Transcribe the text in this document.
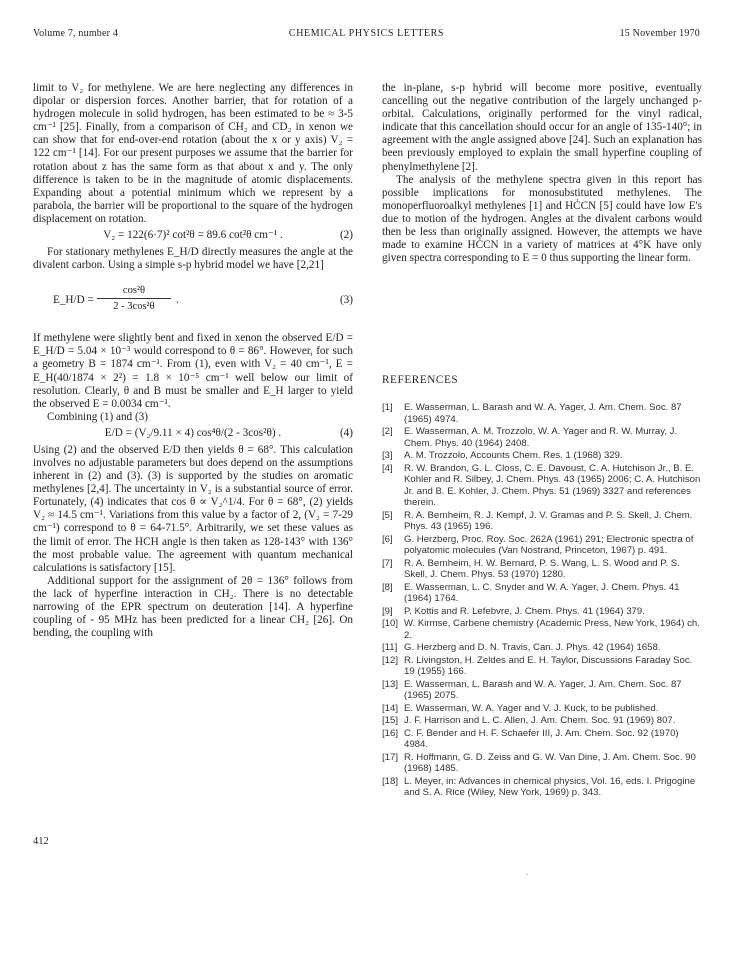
Volume 7, number 4	CHEMICAL PHYSICS LETTERS	15 November 1970

limit to V₂ for methylene. We are here neglecting any differences in dipolar or dispersion forces. Another barrier, that for rotation of a hydrogen molecule in solid hydrogen, has been estimated to be ≈ 3-5 cm⁻¹ [25]. Finally, from a comparison of CH₂ and CD₂ in xenon we can show that for end-over-end rotation (about the x or y axis) V₂ = 122 cm⁻¹ [14]. For our present purposes we assume that the barrier for rotation about z has the same form as that about x and y. The only difference is taken to be in the magnitude of atomic displacements. Expanding about a potential minimum which we represent by a parabola, the barrier will be proportional to the square of the hydrogen displacement on rotation.

V₂ = 122(6·7)² cot²θ = 89.6 cot²θ cm⁻¹ .	(2)

For stationary methylenes E_H/D directly measures the angle at the divalent carbon. Using a simple s-p hybrid model we have [2,21]

E_H/D = $\frac{\text{cos²θ}}{\text{2 - 3cos²θ}}$ .	(3)

If methylene were slightly bent and fixed in xenon the observed E/D = E_H/D = 5.04 × 10⁻³ would correspond to θ = 86°. However, for such a geometry B = 1874 cm⁻¹. From (1), even with V₂ = 40 cm⁻¹, E = E_H(40/1874 × 2²) = 1.8 × 10⁻⁵ cm⁻¹ well below our limit of resolution. Clearly, θ and B must be smaller and E_H larger to yield the observed E = 0.0034 cm⁻¹.

Combining (1) and (3)

E/D = (V₂/9.11 × 4) cos⁴θ/(2 - 3cos²θ) .	(4)

Using (2) and the observed E/D then yields θ = 68°. This calculation involves no adjustable parameters but does depend on the assumptions inherent in (2) and (3). (3) is supported by the studies on aromatic methylenes [2,4]. The uncertainty in V₂ is a substantial source of error. Fortunately, (4) indicates that cos θ ∝ V₂^1/4. For θ = 68°, (2) yields V₂ ≈ 14.5 cm⁻¹. Variations from this value by a factor of 2, (V₂ = 7-29 cm⁻¹) correspond to θ = 64-71.5°. Arbitrarily, we set these values as the limit of error. The HCH angle is then taken as 128-143° with 136° the most probable value. The agreement with quantum mechanical calculations is satisfactory [15].

Additional support for the assignment of 2θ = 136° follows from the lack of hyperfine interaction in CH₂. There is no detectable narrowing of the EPR spectrum on deuteration [14]. A hyperfine coupling of - 95 MHz has been predicted for a linear CH₂ [26]. On bending, the coupling with

the in-plane, s-p hybrid will become more positive, eventually cancelling out the negative contribution of the largely unchanged p-orbital. Calculations, originally performed for the vinyl radical, indicate that this cancellation should occur for an angle of 135-140°; in agreement with the angle assigned above [24]. Such an explanation has been previously employed to explain the small hyperfine coupling of phenylmethylene [2].

The analysis of the methylene spectra given in this report has possible implications for monosubstituted methylenes. The monoperfluoroalkyl methylenes [1] and HĊCN [5] could have low E's due to motion of the hydrogen. Angles at the divalent carbons would then be less than originally assigned. However, the attempts we have made to examine HĊCN in a variety of matrices at 4°K have only given spectra corresponding to E = 0 thus supporting the linear form.

REFERENCES
[1]	E. Wasserman, L. Barash and W. A. Yager, J. Am. Chem. Soc. 87 (1965) 4974.
[2]	E. Wasserman, A. M. Trozzolo, W. A. Yager and R. W. Murray, J. Chem. Phys. 40 (1964) 2408.
[3]	A. M. Trozzolo, Accounts Chem. Res. 1 (1968) 329.
[4]	R. W. Brandon, G. L. Closs, C. E. Davoust, C. A. Hutchison Jr., B. E. Kohler and R. Silbey, J. Chem. Phys. 43 (1965) 2006; C. A. Hutchison Jr. and B. E. Kohler, J. Chem. Phys. 51 (1969) 3327 and references therein.
[5]	R. A. Bernheim, R. J. Kempf, J. V. Gramas and P. S. Skell, J. Chem. Phys. 43 (1965) 196.
[6]	G. Herzberg, Proc. Roy. Soc. 262A (1961) 291; Electronic spectra of polyatomic molecules (Van Nostrand, Princeton, 1967) p. 491.
[7]	R. A. Bernheim, H. W. Bernard, P. S. Wang, L. S. Wood and P. S. Skell, J. Chem. Phys. 53 (1970) 1280.
[8]	E. Wasserman, L. C. Snyder and W. A. Yager, J. Chem. Phys. 41 (1964) 1764.
[9]	P. Kottis and R. Lefebvre, J. Chem. Phys. 41 (1964) 379.
[10] W. Kirmse, Carbene chemistry (Academic Press, New York, 1964) ch. 2.
[11] G. Herzberg and D. N. Travis, Can. J. Phys. 42 (1964) 1658.
[12] R. Livingston, H. Zeldes and E. H. Taylor, Discussions Faraday Soc. 19 (1955) 166.
[13] E. Wasserman, L. Barash and W. A. Yager, J. Am. Chem. Soc. 87 (1965) 2075.
[14] E. Wasserman, W. A. Yager and V. J. Kuck, to be published.
[15] J. F. Harrison and L. C. Allen, J. Am. Chem. Soc. 91 (1969) 807.
[16] C. F. Bender and H. F. Schaefer III, J. Am. Chem. Soc. 92 (1970) 4984.
[17] R. Hoffmann, G. D. Zeiss and G. W. Van Dine, J. Am. Chem. Soc. 90 (1968) 1485.
[18] L. Meyer, in: Advances in chemical physics, Vol. 16, eds. I. Prigogine and S. A. Rice (Wiley, New York, 1969) p. 343.
412
·
